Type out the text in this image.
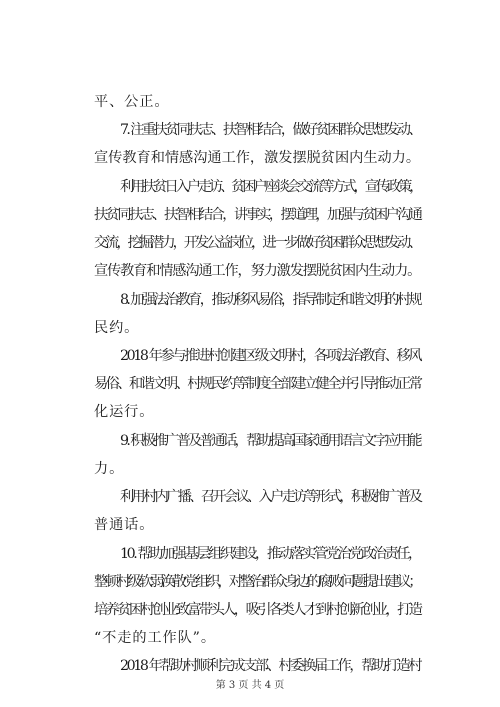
平、公正。
7. 注重扶贫同扶志、扶智相结合，做好贫困群众思想发动、
宣传教育和情感沟通工作，激发摆脱贫困内生动力。
利用扶贫日入户走访、贫困户座谈会交流等方式，宣传政策，
扶贫同扶志、扶智相结合，讲事实，摆道理，加强与贫困户沟通
交流，挖掘潜力，开发公益岗位，进一步做好贫困群众思想发动、
宣传教育和情感沟通工作，努力激发摆脱贫困内生动力。
8. 加强法治教育，推动移风易俗，指导制定和谐文明的村规
民约。
2018 年参与推进村创建区级文明村，各项法治教育、移风
易俗、和谐文明、村规民约等制度全部建立健全并引导推动正常
化运行。
9. 积极推广普及普通话，帮助提高国家通用语言文字应用能
力。
利用村内广播、召开会议、入户走访等形式，积极推广普及
普通话。
10. 帮助加强基层组织建设，推动落实管党治党政治责任，
整顿村级软弱涣散党组织，对整治群众身边的腐败问题提出建议；
培养贫困村创业致富带头人，吸引各类人才到村创新创业，打造
“不走的工作队”。
2018 年帮助村顺利完成支部、村委换届工作，帮助打造村
第 3 页 共 4 页
